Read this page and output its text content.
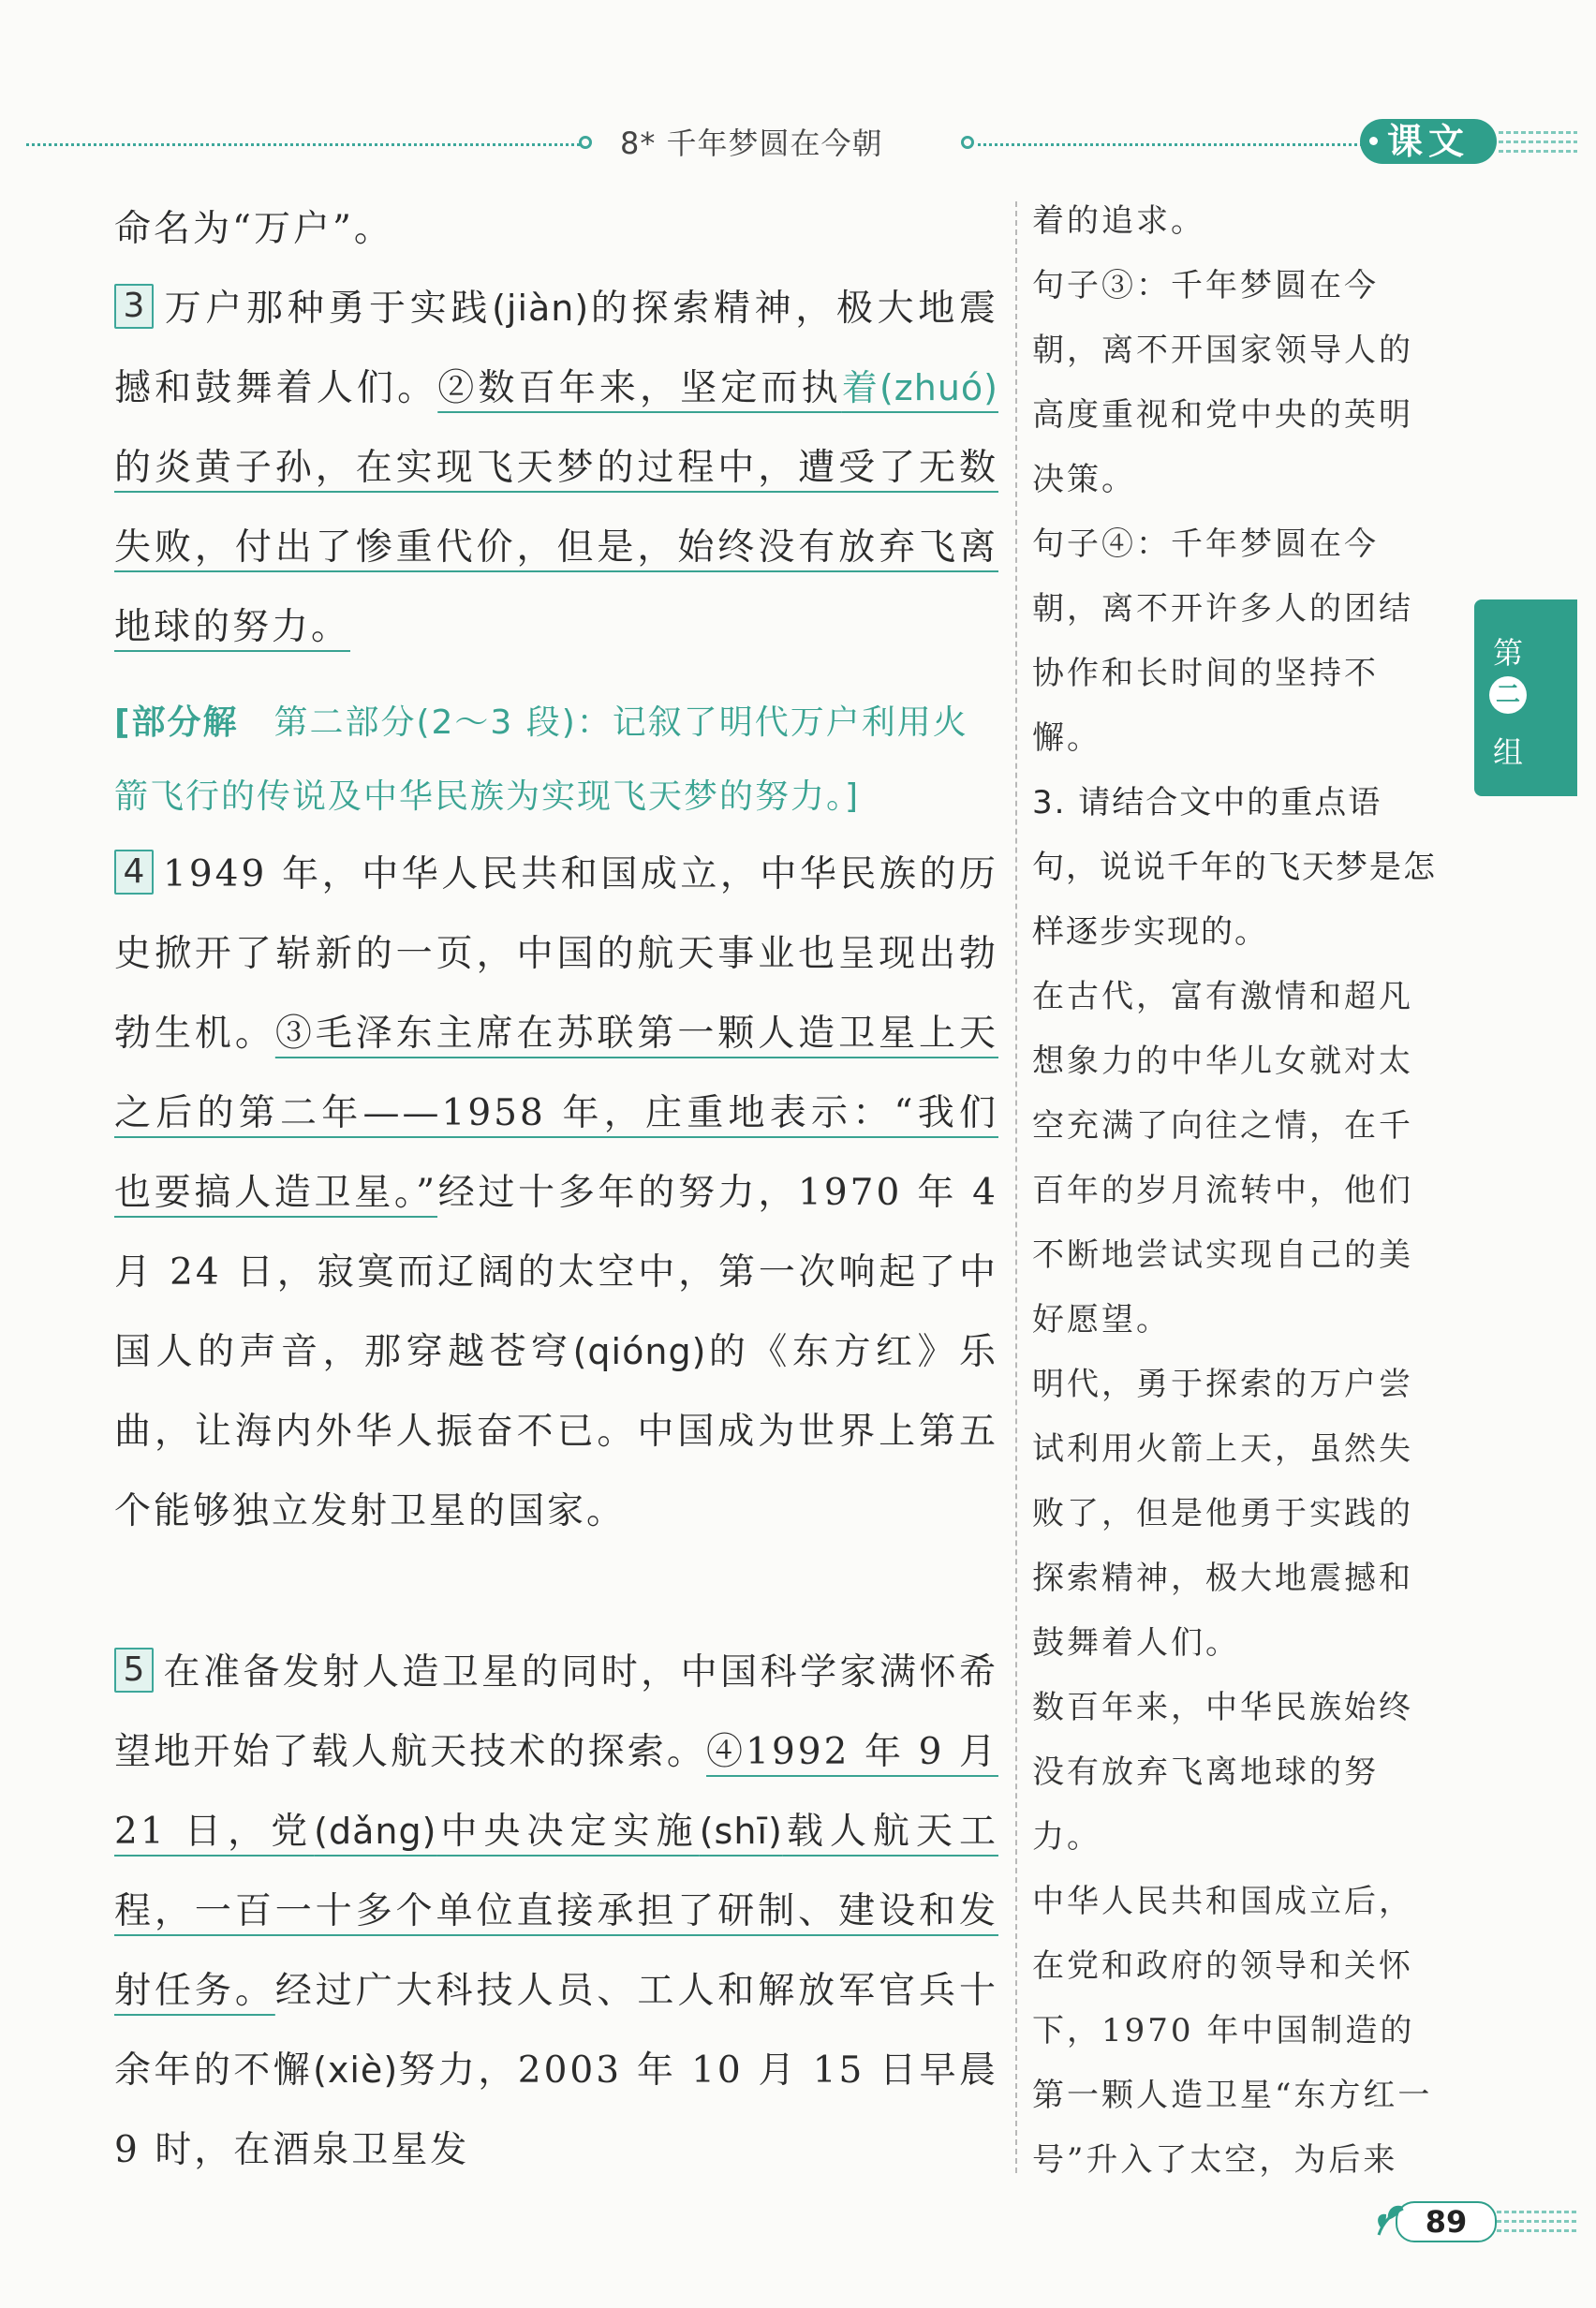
8* 千年梦圆在今朝	课文

命名为“万户”。

3 万户那种勇于实践(jiàn)的探索精神，极大地震撼和鼓舞着人们。②数百年来，坚定而执着(zhuó)的炎黄子孙，在实现飞天梦的过程中，遭受了无数失败，付出了惨重代价，但是，始终没有放弃飞离地球的努力。

[部分解　第二部分(2～3 段)：记叙了明代万户利用火箭飞行的传说及中华民族为实现飞天梦的努力。]

4 1949 年，中华人民共和国成立，中华民族的历史掀开了崭新的一页，中国的航天事业也呈现出勃勃生机。③毛泽东主席在苏联第一颗人造卫星上天之后的第二年——1958 年，庄重地表示：“我们也要搞人造卫星。”经过十多年的努力，1970 年 4 月 24 日，寂寞而辽阔的太空中，第一次响起了中国人的声音，那穿越苍穹(qióng)的《东方红》乐曲，让海内外华人振奋不已。中国成为世界上第五个能够独立发射卫星的国家。

5 在准备发射人造卫星的同时，中国科学家满怀希望地开始了载人航天技术的探索。④1992 年 9 月 21 日，党(dǎng)中央决定实施(shī)载人航天工程，一百一十多个单位直接承担了研制、建设和发射任务。经过广大科技人员、工人和解放军官兵十余年的不懈(xiè)努力，2003 年 10 月 15 日早晨 9 时，在酒泉卫星发

着的追求。

句子③：千年梦圆在今朝，离不开国家领导人的高度重视和党中央的英明决策。

句子④：千年梦圆在今朝，离不开许多人的团结协作和长时间的坚持不懈。

3. 请结合文中的重点语句，说说千年的飞天梦是怎样逐步实现的。

在古代，富有激情和超凡想象力的中华儿女就对太空充满了向往之情，在千百年的岁月流转中，他们不断地尝试实现自己的美好愿望。

明代，勇于探索的万户尝试利用火箭上天，虽然失败了，但是他勇于实践的探索精神，极大地震撼和鼓舞着人们。

数百年来，中华民族始终没有放弃飞离地球的努力。

中华人民共和国成立后，在党和政府的领导和关怀下，1970 年中国制造的第一颗人造卫星“东方红一号”升入了太空，为后来

第
二
组
89
